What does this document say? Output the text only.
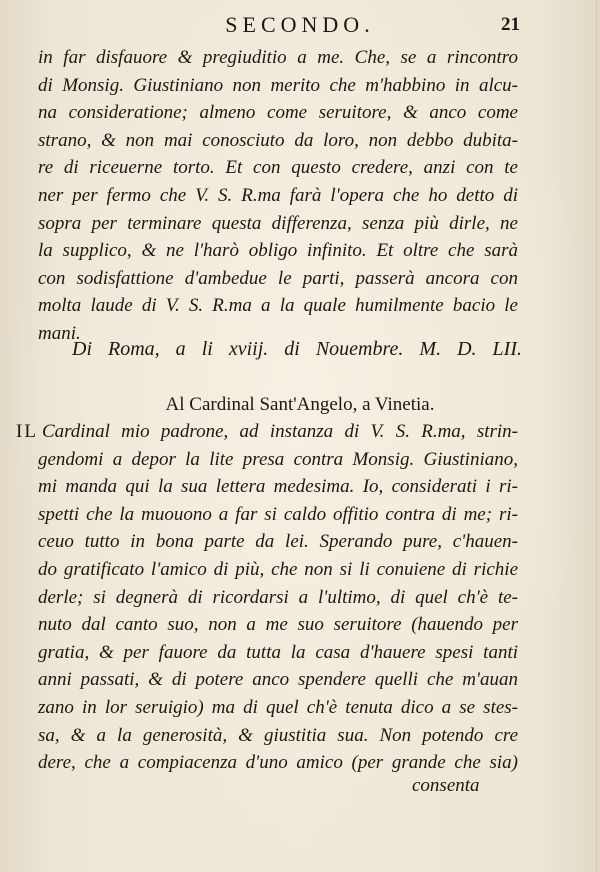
SECONDO.	21
in far disfauore & pregiuditio a me. Che, se a rincontro
di Monsig. Giustiniano non merito che m'habbino in alcu-
na consideratione; almeno come seruitore, & anco come
strano, & non mai conosciuto da loro, non debbo dubita-
re di riceuerne torto. Et con questo credere, anzi con te
ner per fermo che V. S. R.ma farà l'opera che ho detto di
sopra per terminare questa differenza, senza più dirle, ne
la supplico, & ne l'harò obligo infinito. Et oltre che sarà
con sodisfattione d'ambedue le parti, passerà ancora con
molta laude di V. S. R.ma a la quale humilmente bacio le
mani.
Di Roma, a li xviij. di Nouembre. M. D. LII.
Al Cardinal Sant'Angelo, a Vinetia.
IL Cardinal mio padrone, ad instanza di V. S. R.ma, strin-
gendomi a depor la lite presa contra Monsig. Giustiniano,
mi manda qui la sua lettera medesima. Io, considerati i ri-
spetti che la muouono a far si caldo offitio contra di me; ri-
ceuo tutto in bona parte da lei. Sperando pure, c'hauen-
do gratificato l'amico di più, che non si li conuiene di richie
derle; si degnerà di ricordarsi a l'ultimo, di quel ch'è te-
nuto dal canto suo, non a me suo seruitore (hauendo per
gratia, & per fauore da tutta la casa d'hauere spesi tanti
anni passati, & di potere anco spendere quelli che m'auan
zano in lor seruigio) ma di quel ch'è tenuta dico a se stes-
sa, & a la generosità, & giustitia sua. Non potendo cre
dere, che a compiacenza d'uno amico (per grande che sia)
consenta
